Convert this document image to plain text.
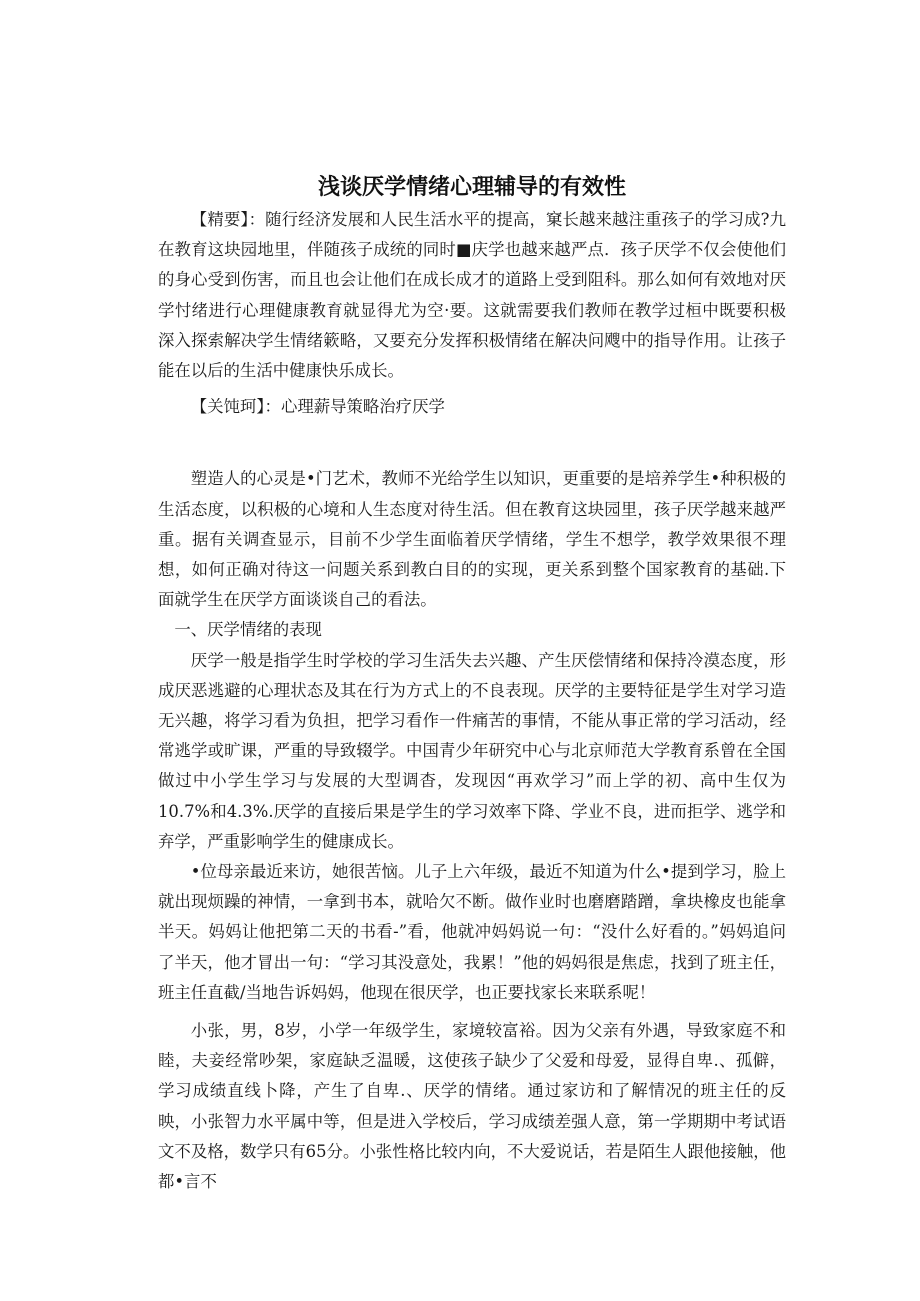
浅谈厌学情绪心理辅导的有效性

【精要】：随行经济发展和人民生活水平的提高，窠长越来越注重孩子的学习成?九在教育这块园地里，伴随孩子成统的同时■庆学也越来越严点．孩子厌学不仅会使他们的身心受到伤害，而且也会让他们在成长成才的道路上受到阻科。那么如何有效地对厌学忖绪进行心理健康教育就显得尤为空·要。这就需要我们教师在教学过桓中既要积极深入探索解决学生情绪簌略，又要充分发挥积极情绪在解决问飕中的指导作用。让孩子能在以后的生活中健康快乐成长。

【关饨珂】：心理薪导策略治疗厌学

塑造人的心灵是•门艺术，教师不光给学生以知识，更重要的是培养学生•种积极的生活态度，以积极的心境和人生态度对待生活。但在教育这块园里，孩子厌学越来越严重。据有关调查显示，目前不少学生面临着厌学情绪，学生不想学，教学效果很不理想，如何正确对待这一问题关系到教白目的的实现，更关系到整个国家教育的基础.下面就学生在厌学方面谈谈自己的看法。

一、厌学情绪的表现

厌学一般是指学生时学校的学习生活失去兴趣、产生厌偿情绪和保持冷漠态度，形成厌恶逃避的心理状态及其在行为方式上的不良表现。厌学的主要特征是学生对学习造无兴趣，将学习看为负担，把学习看作一件痛苦的事情，不能从事正常的学习活动，经常逃学或旷课，严重的导致辍学。中国青少年研究中心与北京师范大学教育系曾在全国做过中小学生学习与发展的大型调杳，发现因“再欢学习”而上学的初、高中生仅为10.7%和4.3%.厌学的直接后果是学生的学习效率下降、学业不良，进而拒学、逃学和弃学，严重影响学生的健康成长。

•位母亲最近来访，她很苦恼。儿子上六年级，最近不知道为什么•提到学习，脸上就出现烦躁的神情，一拿到书本，就哈欠不断。做作业时也磨磨踏蹭，拿块橡皮也能拿半天。妈妈让他把第二天的书看-”看，他就冲妈妈说一句：“没什么好看的。”妈妈追问了半天，他才冒出一句：“学习其没意处，我累！”他的妈妈很是焦虑，找到了班主任，班主任直截/当地告诉妈妈，他现在很厌学，也正要找家长来联系呢！

小张，男，8岁，小学一年级学生，家境较富裕。因为父亲有外遇，导致家庭不和睦，夫妾经常吵架，家庭缺乏温暖，这使孩子缺少了父爱和母爱，显得自卑.、孤僻，学习成绩直线卜降，产生了自卑.、厌学的情绪。通过家访和了解情况的班主任的反映，小张智力水平属中等，但是进入学校后，学习成绩差强人意，第一学期期中考试语文不及格，数学只有65分。小张性格比较内向，不大爱说话，若是陌生人跟他接触，他都•言不
